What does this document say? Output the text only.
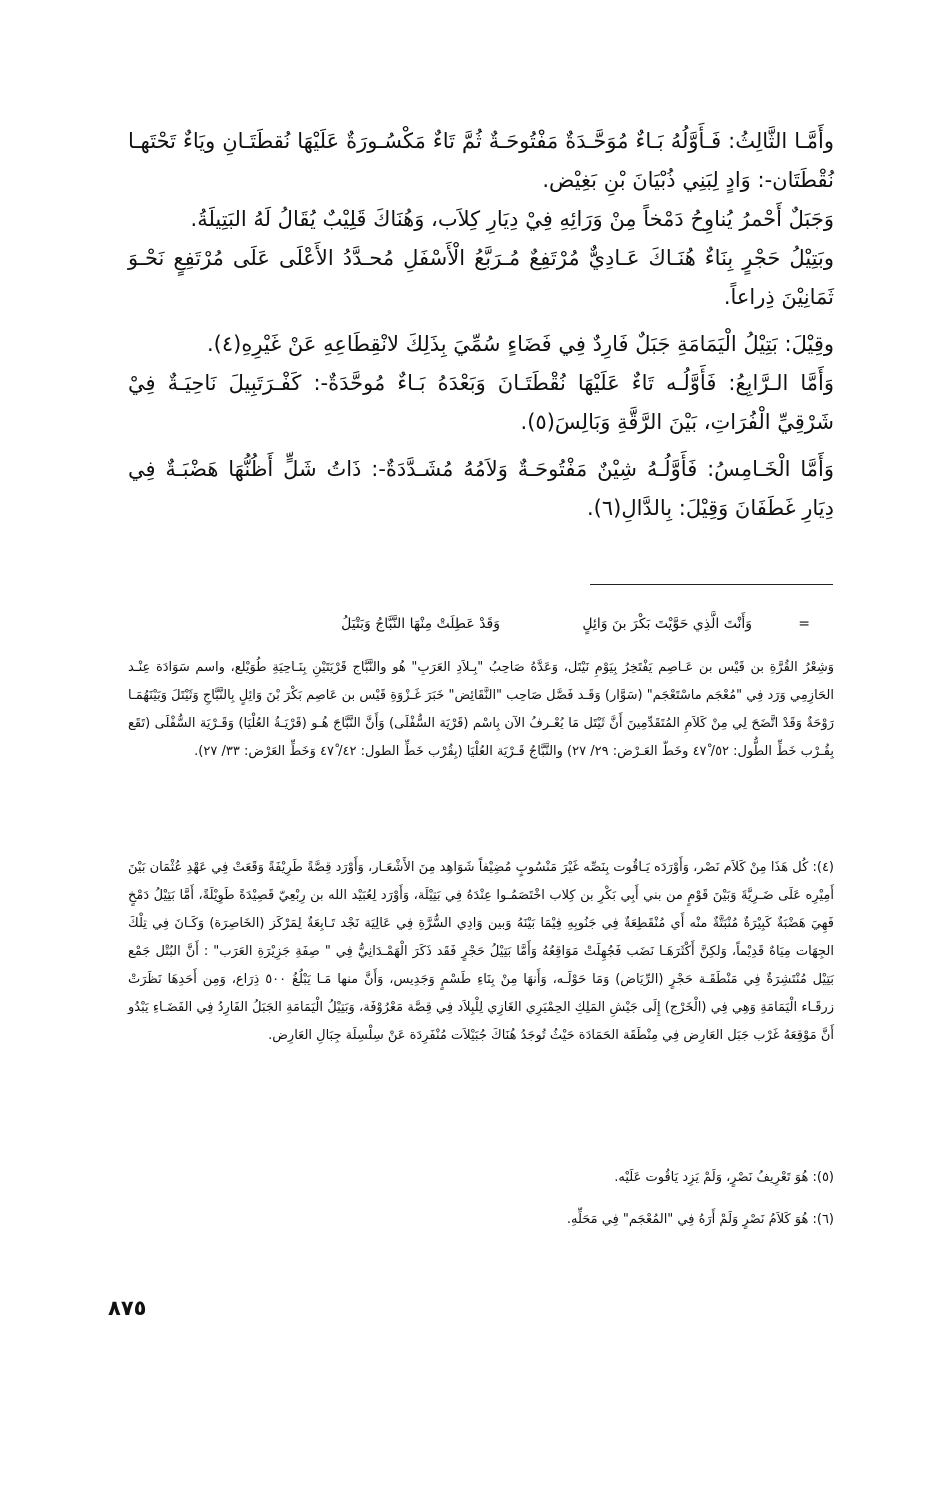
وأَمَّـا الثَّالِثُ: فَـأَوَّلُهُ بَـاءٌ مُوَحَّـدَةٌ مَفْتُوحَـةٌ ثُمَّ تَاءٌ مَكْسُـورَةٌ عَلَيْهَا نُقطَتَـانِ ويَاءٌ تَحْتَهـا نُقْطَتَان-: وَادٍ لِبَنِي ذُبْيَانَ بْنِ بَغِيْض.

وَجَبَلٌ أَحْمرُ يُناوِحُ دَمْخاً مِنْ وَرَائِهِ فِيْ دِيَارِ كِلاَب، وَهُنَاكَ قَلِيْبٌ يُقَالُ لَهُ البَتِيلَةُ.

وبَتِيْلُ حَجْرٍ بِنَاءٌ هُنَـاكَ عَـادِيٌّ مُرْتَفِعٌ مُـرَبَّعُ الْأَسْفَلِ مُحـدَّدُ الأَعْلَى عَلَى مُرْتَفِعٍ نَحْـوَ ثَمَانِيْنَ ذِراعاً.

وقِيْلَ: بَتِيْلُ الْيَمَامَةِ جَبَلٌ فَارِدٌ فِي فَضَاءٍ سُمِّيَ بِذَلِكَ لانْقِطَاعِهِ عَنْ غَيْرِهِ(٤).

وَأَمَّا الـرَّابِعُ: فَأَوَّلُـه تَاءٌ عَلَيْهَا نُقْطَتَـانَ وَبَعْدَهُ بَـاءٌ مُوحَّدَةٌ-: كَفْـرَتَبِيلَ نَاحِيَـةٌ فِيْ شَرْقِيِّ الْفُرَاتِ، بَيْنَ الرَّقَّةِ وَبَالِسَ(٥).

وَأَمَّا الْخَـامِسُ: فَأَوَّلُـهُ شِيْنٌ مَفْتُوحَـةٌ وَلاَمُهُ مُشَـدَّدَةٌ-: ذَاتُ شَلٍّ أَظُنُّهَا هَضْبَـةٌ فِي دِيَارِ غَطَفَانَ وَقِيْلَ: بِالدَّالِ(٦).

=
وَأَنْتَ الَّذِي حَوَّيْتَ بَكْرَ بنَ وَائِلٍ
وَقَدْ عَطِلَتْ مِنْهَا النَّبَّاجُ وَبَتْيَلُ

وَشِعْرُ القُرَّةِ بن قَيْس بن عَـاصِم يَفْتَخِرُ بِيَوْمِ نَيْتَل، وَعَدَّهُ صَاحِبُ "بِـلاَدِ العَرَبِ" هُو والنَّبَّاج قَرْيَتَيْنِ بِنَـاحِيَةِ طُوَيْلع، واسم سَوَادَة عِنْـد الحَازِمِي وَرَد فِي "مُعْجَم ماسْتَعْجَم" (سَوَّار) وَقَـد فَصَّل صَاحِب "النَّقَائِض" خَبَرَ غَـزْوَةِ قَيْس بن عَاصِم بَكْرَ بْنَ وَائِلٍ بِالنَّبَّاجِ وَثَيْتَلَ وَبَيْنَهُمَـا رَوْحَةٌ وَقَدْ اتَّضَحَ لِي مِنْ كَلاَمِ المُتَقَدِّمِينَ أَنَّ ثَيْتَل مَا يُعْـرفُ الآن بِاسْم (قَرْيَة السُّفْلَى) وَأَنَّ النَّبَّاجَ هُـو (قَرْيَـةُ العُلْيَا) وَقَـرْيَة السُّفْلَى (تَقَع بِقُـرْب خَطِّ الطُّول: ٥٢/ ٤٧ْ وخَطّ العَـرْض: ٢٩/ ٢٧) والنَّبَّاجُ قَـرْيَة العُلْيَا (بِقُرْب خَطِّ الطول: ٤٢/ ٤٧ْ وَخَطِّ العَرْض: ٣٣/ ٢٧).

(٤): كُل هَذَا مِنْ كَلاَم نَصْر، وَأَوْرَدَه يَـاقُوت بِنَصِّه غَيْرَ مَنْسُوبٍ مُضِيْفاً شَوَاهِد مِنَ الأَشْعَـار، وَأَوْرَد قِصَّةً طَرِيْفَةً وَقَعَتْ فِي عَهْدِ عُثْمَان بَيْنَ أَمِيْرِه عَلَى ضَـرِيَّةَ وَبَيْنَ قَوْمٍ من بني أَبِي بَكْرِ بن كِلاب اخْتَصَمُـوا عِنْدَهُ فِي بَتِيْلَة، وَأَوْرَد لِعُبَيْد الله بن رِبْعِيّ قَصِيْدَةً طَوِيْلَةً، أَمَّا بَتِيْلُ دَمْخٍ فَهِيَ هَضْبَةٌ كَبِيْرَةٌ مُنْبَتَّةٌ منْه أَي مُنْقَطِعَةٌ فِي جَنُوبِهِ فِيْمَا بَيْنَهُ وَبين وَادِي السُّرَّةِ فِي عَالِيَة نَجْد تَـابِعَةٌ لِمَرْكَز (الخَاصِرَة) وَكَـانَ فِي تِلْكَ الجِهَات مِيَاهٌ قَدِيْماً، وَلكِنَّ أَكْثَرَهَـا نَضَب فَجُهِلَتْ مَوَاقِعُهُ وَأَمَّا بَتِيْلُ حَجْرٍ فَقَد ذَكَرَ الْهَمْـدَانِيُّ فِي " صِفَةِ جَزِيْرَةِ العَرَب" : أَنَّ البُتْل جَمْع بَتِيْل مُنْتَشِرَةٌ فِي مَنْطَقَـة حَجْرٍ (الرِّيَاض) وَمَا حَوْلَـه، وَأَنهَا مِنْ بِنَاءِ طَسْمٍ وَجَدِيس، وَأَنَّ منها مَـا يَبْلُغُ ٥٠٠ ذِرَاع، وَمِن أَحَدِهَا نَظَرَتْ زرقَـاء الْيَمَامَةِ وَهِي فِي (الْخَرْج) إِلَى جَيْشِ المَلِكِ الحِمْيَرِي الغَازِي لِلْبِلاَد فِي قِصَّة مَعْرُوْفَة، وَبَتِيْلُ الْيَمَامَةِ الجَبَلُ الفَارِدُ فِي الفَضَـاءِ يَبْدُو أَنَّ مَوْقِعَهُ غَرْب جَبَل العَارِض فِي مِنْطَقَة الحَمَادَة حَيْثُ تُوجَدُ هُنَاكَ جُبَيْلاَت مُنْفَرِدَة عَنْ سِلْسِلَة جِبَالِ العَارِض.

(٥): هُوَ تَعْرِيفُ نَصْرٍ، وَلَمْ يَزِد يَاقُوت عَلَيْه.

(٦): هُوَ كَلاَمُ نَصْرٍ وَلَمْ أَرَهُ فِي "المُعْجَم" فِي مَحَلِّهِ.

٨٧٥
